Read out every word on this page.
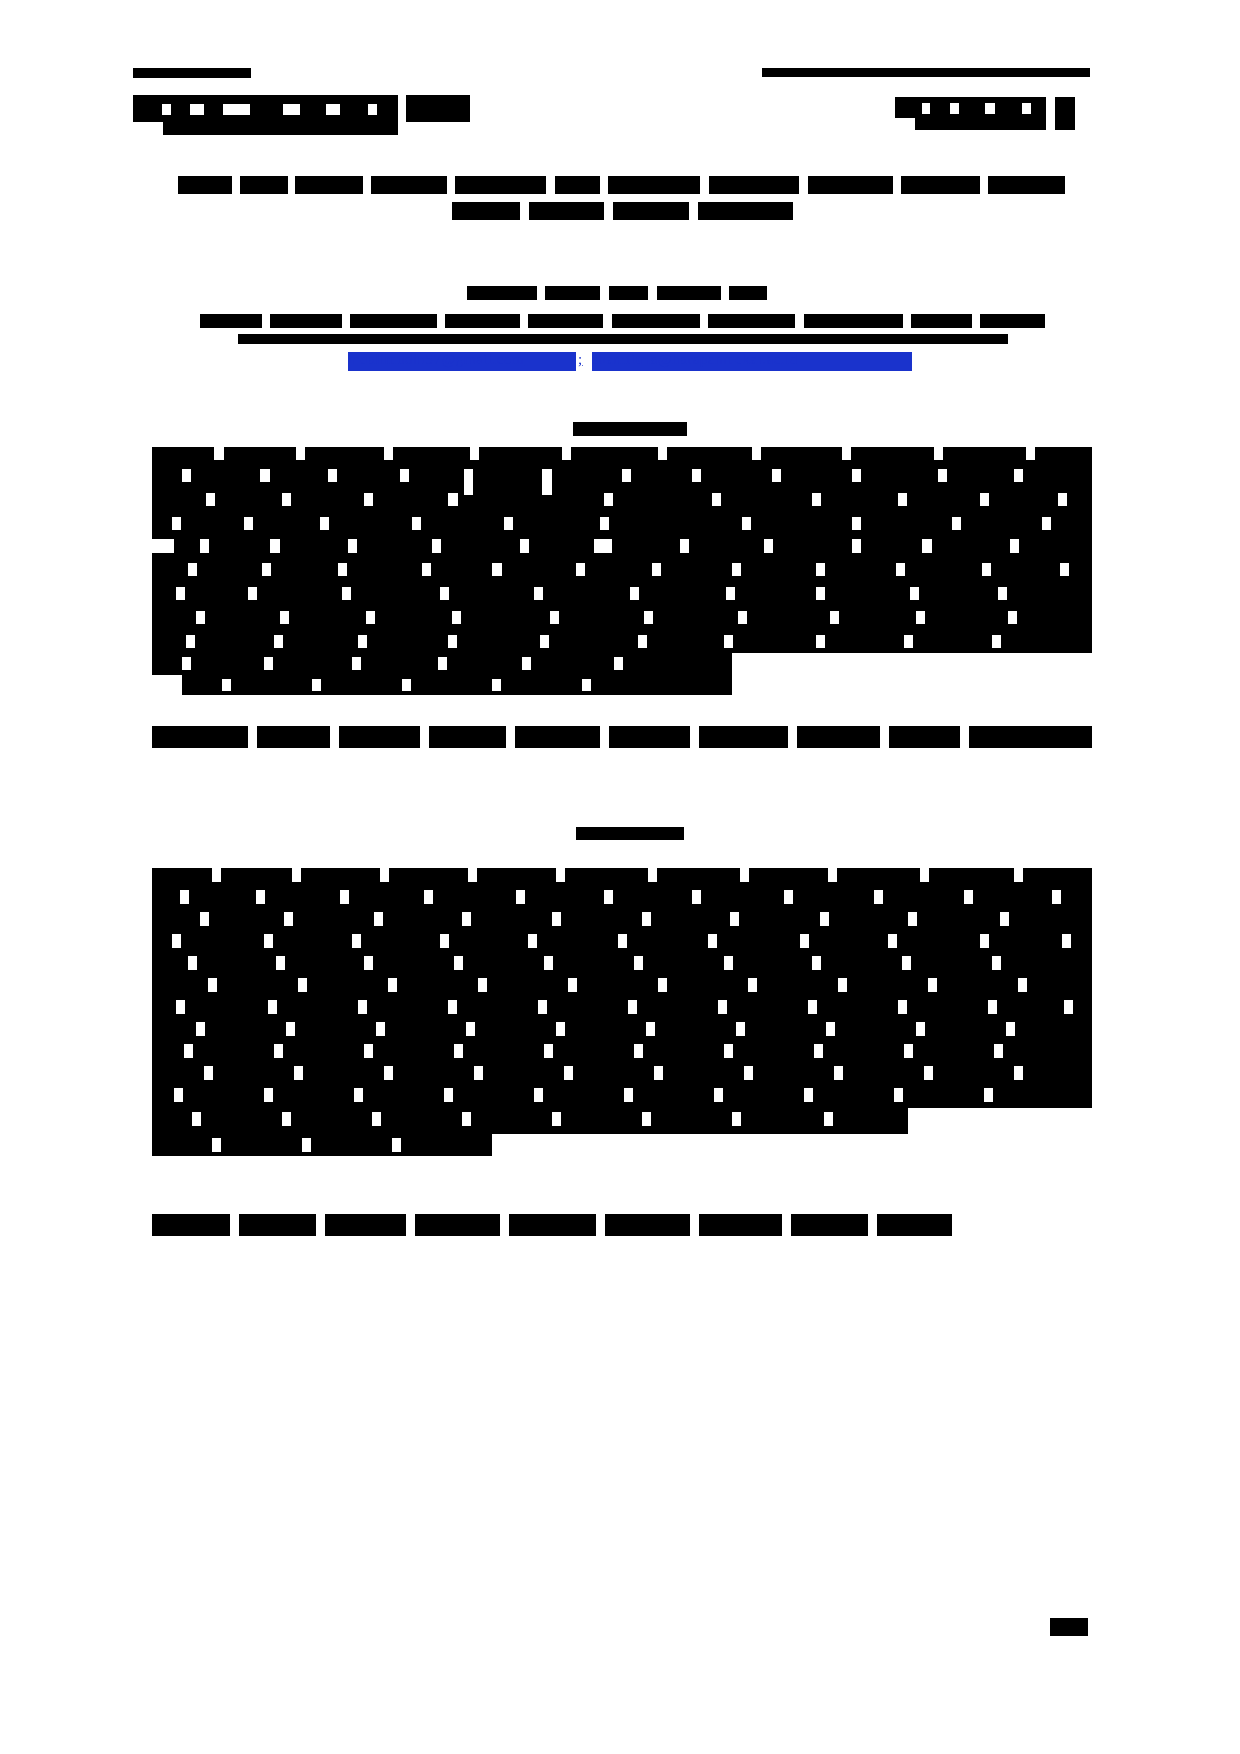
mdalimudin57@gmail.com	; shamfitria@harapanmekar.ac.id
